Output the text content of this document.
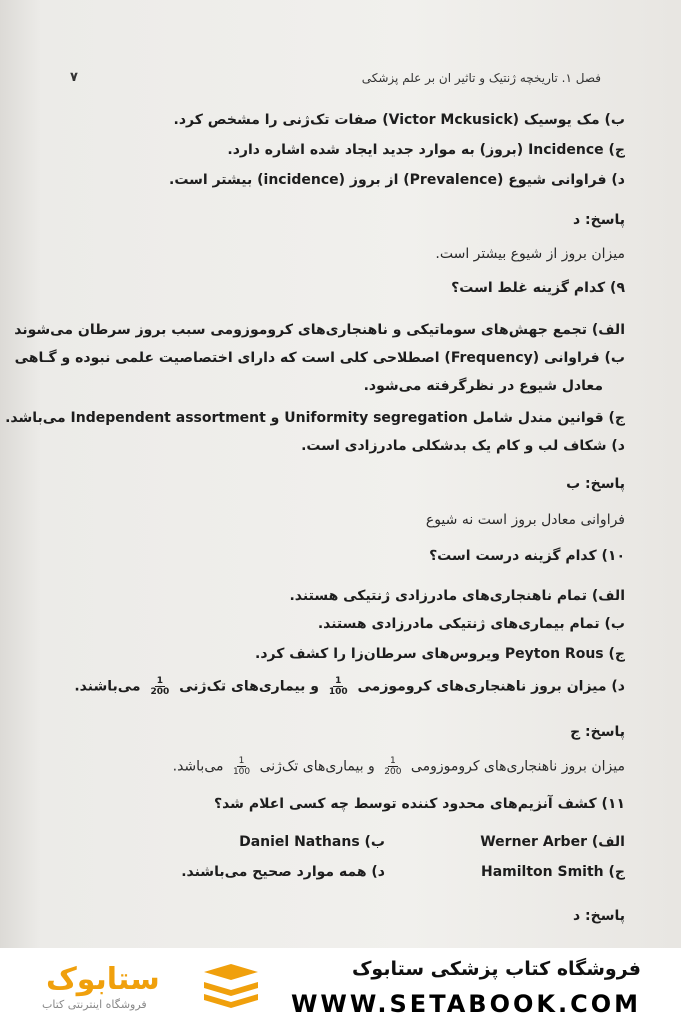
فصل ۱. تاریخچه ژنتیک و تاثیر ان بر علم پزشکی
۷
ب) مک یوسیک (Victor Mckusick) صفات تک‌ژنی را مشخص کرد.
ج) Incidence (بروز) به موارد جدید ایجاد شده اشاره دارد.
د) فراوانی شیوع (Prevalence) از بروز (incidence) بیشتر است.
پاسخ: د
میزان بروز از شیوع بیشتر است.
۹) کدام گزینه غلط است؟
الف) تجمع جهش‌های سوماتیکی و ناهنجاری‌های کروموزومی سبب بروز سرطان می‌شوند
ب) فراوانی (Frequency) اصطلاحی کلی است که دارای اختصاصیت علمی نبوده و گـاهی
معادل شیوع در نظرگرفته می‌شود.
ج) قوانین مندل شامل Uniformity segregation و Independent assortment می‌باشد.
د) شکاف لب و کام یک بدشکلی مادرزادی است.
پاسخ: ب
فراوانی معادل بروز است نه شیوع
۱۰) کدام گزینه درست است؟
الف) تمام ناهنجاری‌های مادرزادی ژنتیکی هستند.
ب) تمام بیماری‌های ژنتیکی مادرزادی هستند.
ج) Peyton Rous ویروس‌های سرطان‌زا را کشف کرد.
د) میزان بروز ناهنجاری‌های کروموزمی
$\frac{1}{100}$
و بیماری‌های تک‌ژنی
$\frac{1}{200}$
می‌باشند.
پاسخ: ج
میزان بروز ناهنجاری‌های کروموزومی
$\frac{1}{200}$
و بیماری‌های تک‌ژنی
$\frac{1}{100}$
می‌باشد.
۱۱) کشف آنزیم‌های محدود کننده توسط چه کسی اعلام شد؟
الف) Werner Arber
ب) Daniel Nathans
ج) Hamilton Smith
د) همه موارد صحیح می‌باشند.
پاسخ: د
ستابوک
فروشگاه اینترنتی کتاب
فروشگاه کتاب پزشکی ستابوک
WWW.SETABOOK.COM
